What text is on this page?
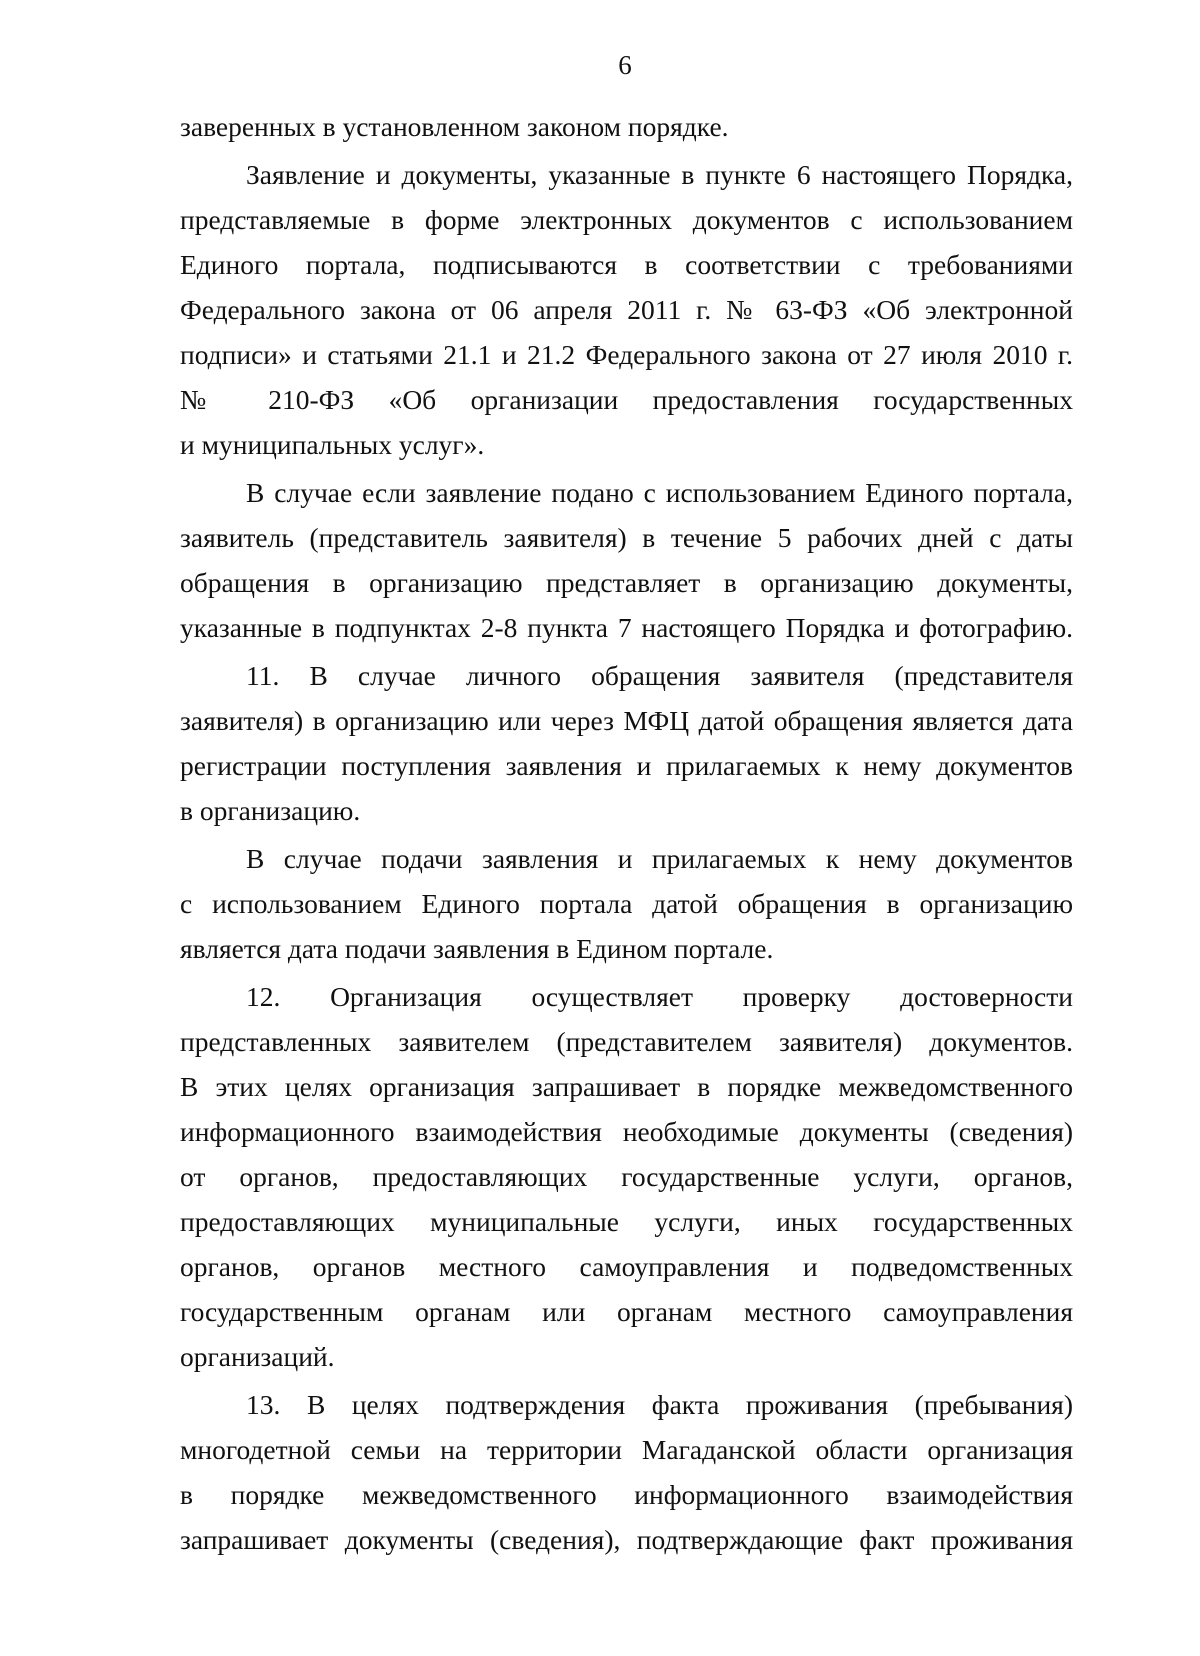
6
заверенных в установленном законом порядке.
Заявление и документы, указанные в пункте 6 настоящего Порядка,
представляемые в форме электронных документов с использованием
Единого портала, подписываются в соответствии с требованиями
Федерального закона от 06 апреля 2011 г. № 63-ФЗ «Об электронной
подписи» и статьями 21.1 и 21.2 Федерального закона от 27 июля 2010 г.
№ 210-ФЗ «Об организации предоставления государственных
и муниципальных услуг».
В случае если заявление подано с использованием Единого портала,
заявитель (представитель заявителя) в течение 5 рабочих дней с даты
обращения в организацию представляет в организацию документы,
указанные в подпунктах 2-8 пункта 7 настоящего Порядка и фотографию.
11. В случае личного обращения заявителя (представителя
заявителя) в организацию или через МФЦ датой обращения является дата
регистрации поступления заявления и прилагаемых к нему документов
в организацию.
В случае подачи заявления и прилагаемых к нему документов
с использованием Единого портала датой обращения в организацию
является дата подачи заявления в Едином портале.
12. Организация осуществляет проверку достоверности
представленных заявителем (представителем заявителя) документов.
В этих целях организация запрашивает в порядке межведомственного
информационного взаимодействия необходимые документы (сведения)
от органов, предоставляющих государственные услуги, органов,
предоставляющих муниципальные услуги, иных государственных
органов, органов местного самоуправления и подведомственных
государственным органам или органам местного самоуправления
организаций.
13. В целях подтверждения факта проживания (пребывания)
многодетной семьи на территории Магаданской области организация
в порядке межведомственного информационного взаимодействия
запрашивает документы (сведения), подтверждающие факт проживания
